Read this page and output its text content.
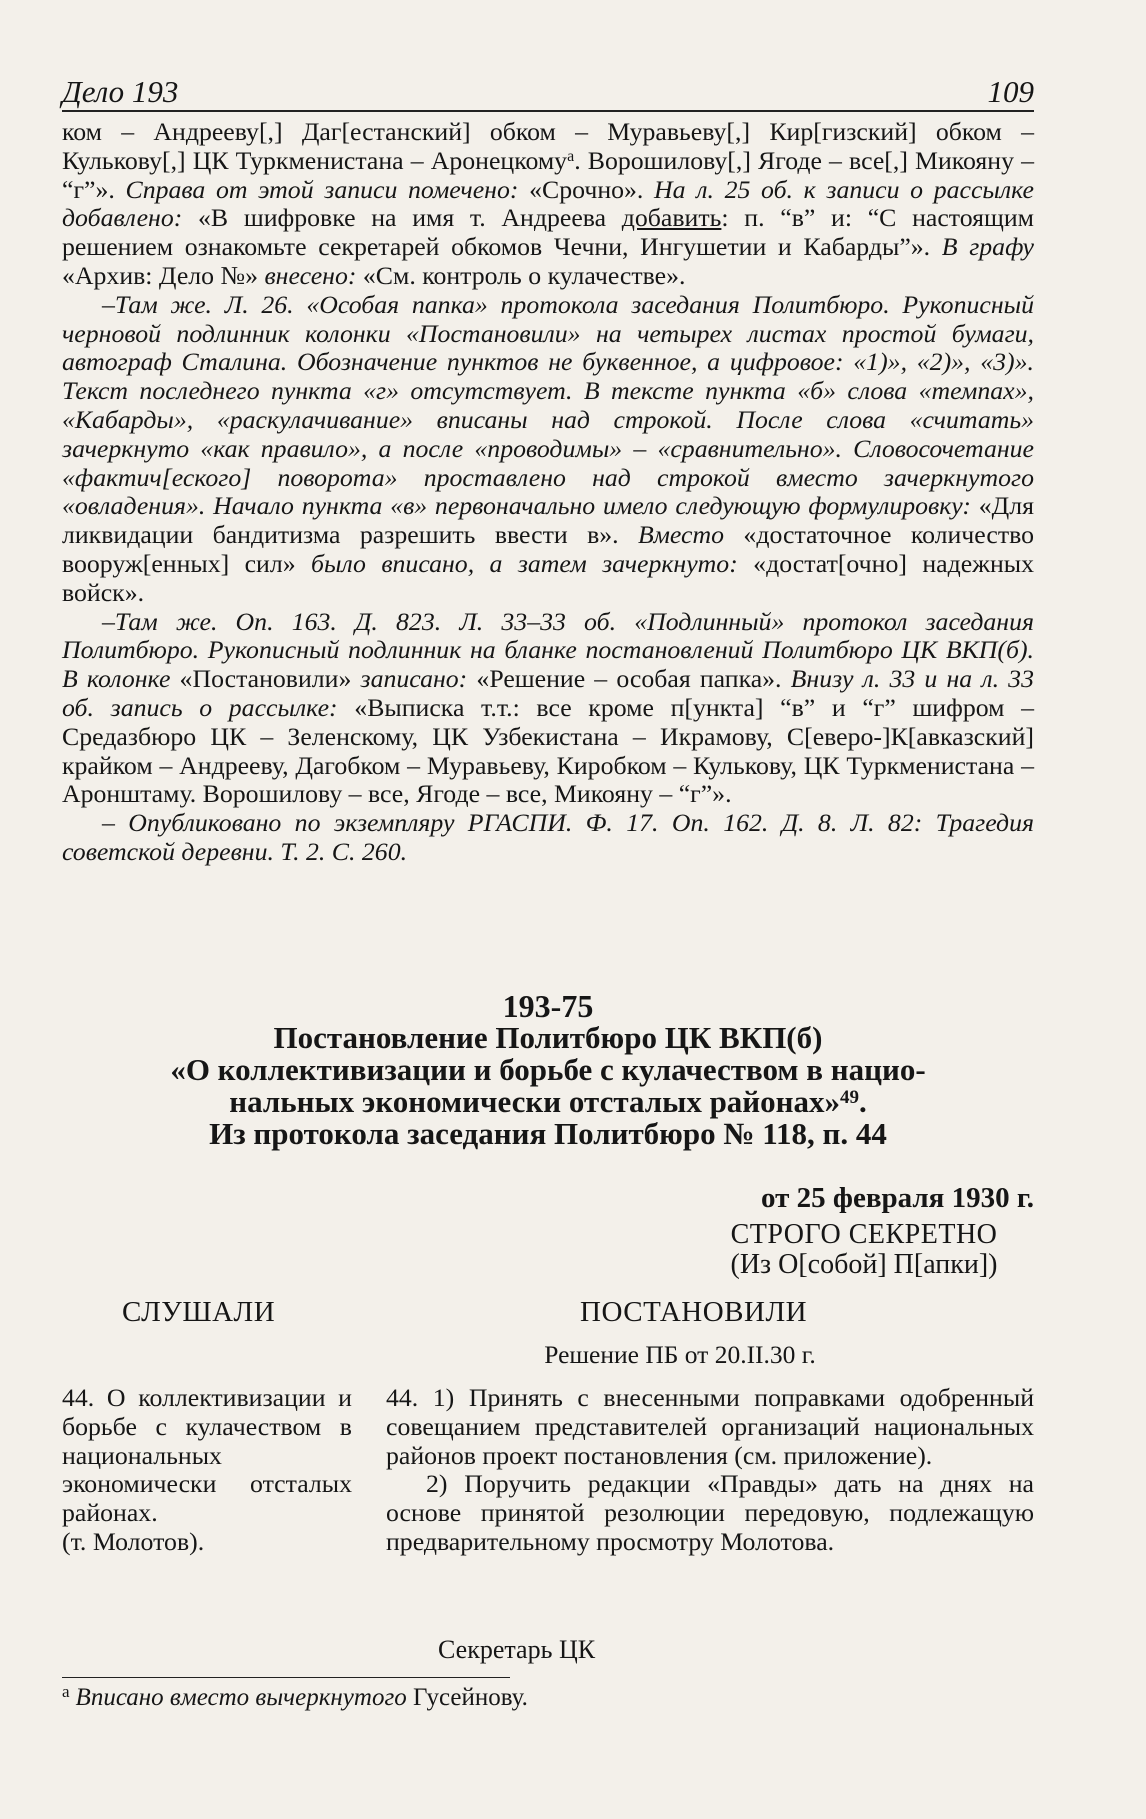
Дело 193	109

ком – Андрееву[,] Даг[естанский] обком – Муравьеву[,] Кир[гизский] обком – Кулькову[,] ЦК Туркменистана – Аронецкому$^а$. Ворошилову[,] Ягоде – все[,] Микояну – “г”». Справа от этой записи помечено: «Срочно». На л. 25 об. к записи о рассылке добавлено: «В шифровке на имя т. Андреева добавить: п. “в” и: “С настоящим решением ознакомьте секретарей обкомов Чечни, Ингушетии и Кабарды”». В графу «Архив: Дело №» внесено: «См. контроль о кулачестве».

–Там же. Л. 26. «Особая папка» протокола заседания Политбюро. Рукописный черновой подлинник колонки «Постановили» на четырех листах простой бумаги, автограф Сталина. Обозначение пунктов не буквенное, а цифровое: «1)», «2)», «3)». Текст последнего пункта «г» отсутствует. В тексте пункта «б» слова «темпах», «Кабарды», «раскулачивание» вписаны над строкой. После слова «считать» зачеркнуто «как правило», а после «проводимы» – «сравнительно». Словосочетание «фактич[еского] поворота» проставлено над строкой вместо зачеркнутого «овладения». Начало пункта «в» первоначально имело следующую формулировку: «Для ликвидации бандитизма разрешить ввести в». Вместо «достаточное количество вооруж[енных] сил» было вписано, а затем зачеркнуто: «достат[очно] надежных войск».

–Там же. Оп. 163. Д. 823. Л. 33–33 об. «Подлинный» протокол заседания Политбюро. Рукописный подлинник на бланке постановлений Политбюро ЦК ВКП(б). В колонке «Постановили» записано: «Решение – особая папка». Внизу л. 33 и на л. 33 об. запись о рассылке: «Выписка т.т.: все кроме п[ункта] “в” и “г” шифром – Средазбюро ЦК – Зеленскому, ЦК Узбекистана – Икрамову, С[еверо-]К[авказский] крайком – Андрееву, Дагобком – Муравьеву, Киробком – Кулькову, ЦК Туркменистана – Аронштаму. Ворошилову – все, Ягоде – все, Микояну – “г”».

– Опубликовано по экземпляру РГАСПИ. Ф. 17. Оп. 162. Д. 8. Л. 82: Трагедия советской деревни. Т. 2. С. 260.

193-75

Постановление Политбюро ЦК ВКП(б)

«О коллективизации и борьбе с кулачеством в нацио-

нальных экономически отсталых районах»$^{49}$.

Из протокола заседания Политбюро № 118, п. 44

от 25 февраля 1930 г.

СТРОГО СЕКРЕТНО

(Из О[собой] П[апки])

СЛУШАЛИ	ПОСТАНОВИЛИ
Решение ПБ от 20.II.30 г.

44. О коллективизации и борьбе с кулачеством в национальных экономически отсталых районах.

(т. Молотов).

44. 1) Принять с внесенными поправками одобренный совещанием представителей организаций национальных районов проект постановления (см. приложение).

2) Поручить редакции «Правды» дать на днях на основе принятой резолюции передовую, подлежащую предварительному просмотру Молотова.

Секретарь ЦК
$^а$ Вписано вместо вычеркнутого Гусейнову.
